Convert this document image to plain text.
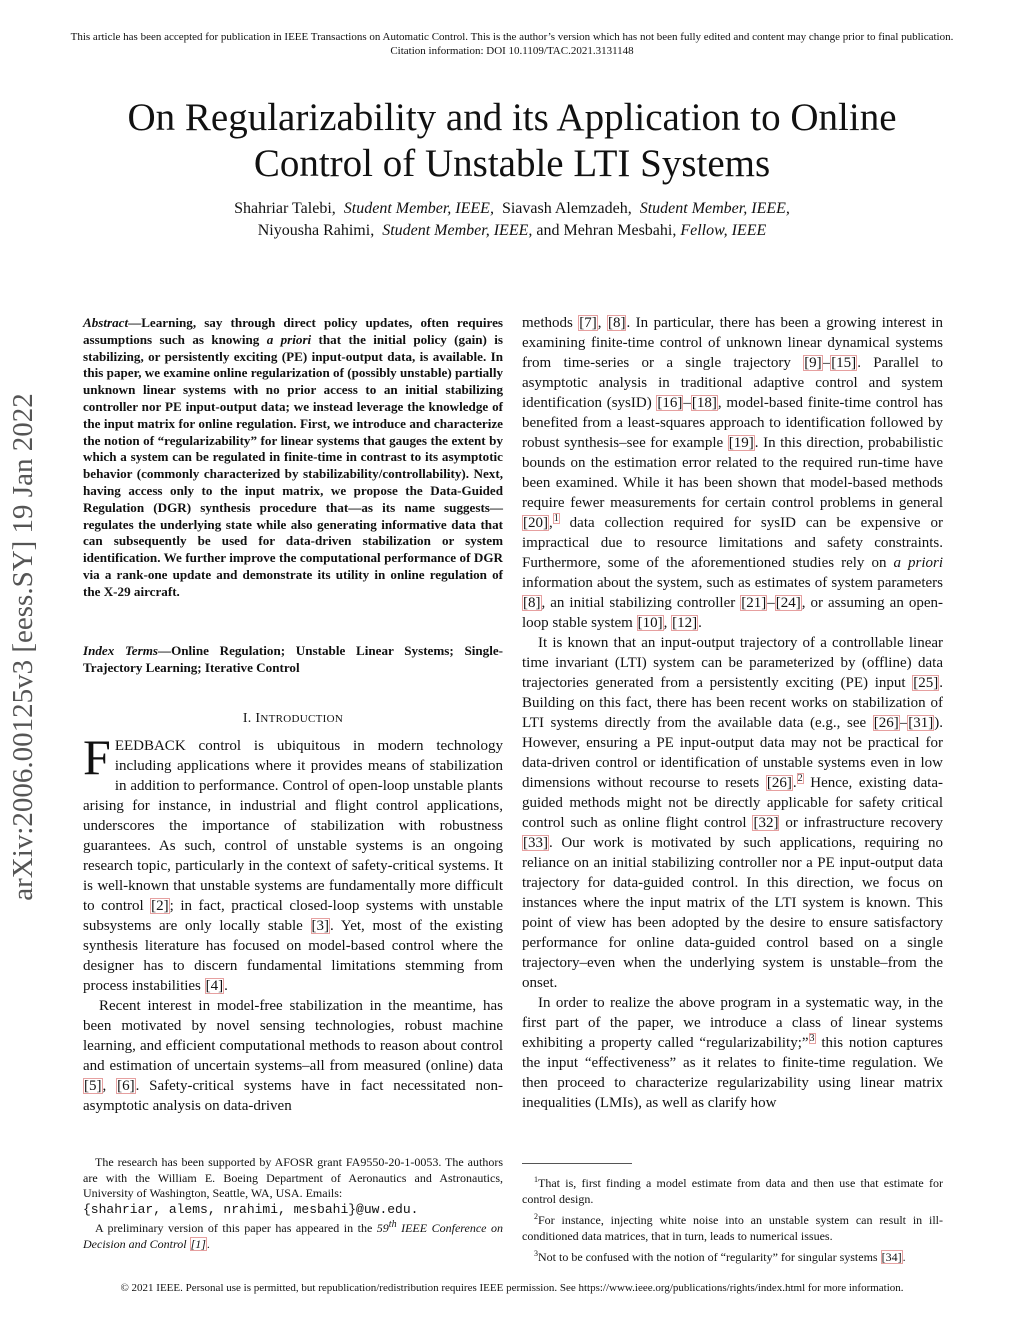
This article has been accepted for publication in IEEE Transactions on Automatic Control. This is the author’s version which has not been fully edited and content may change prior to final publication. Citation information: DOI 10.1109/TAC.2021.3131148
On Regularizability and its Application to Online
Control of Unstable LTI Systems
Shahriar Talebi, Student Member, IEEE, Siavash Alemzadeh, Student Member, IEEE,
Niyousha Rahimi, Student Member, IEEE, and Mehran Mesbahi, Fellow, IEEE
arXiv:2006.00125v3 [eess.SY] 19 Jan 2022
Abstract—Learning, say through direct policy updates, often requires assumptions such as knowing a priori that the initial policy (gain) is stabilizing, or persistently exciting (PE) input-output data, is available. In this paper, we examine online regularization of (possibly unstable) partially unknown linear systems with no prior access to an initial stabilizing controller nor PE input-output data; we instead leverage the knowledge of the input matrix for online regulation. First, we introduce and characterize the notion of “regularizability” for linear systems that gauges the extent by which a system can be regulated in finite-time in contrast to its asymptotic behavior (commonly characterized by stabilizability/controllability). Next, having access only to the input matrix, we propose the Data-Guided Regulation (DGR) synthesis procedure that—as its name suggests—regulates the underlying state while also generating informative data that can subsequently be used for data-driven stabilization or system identification. We further improve the computational performance of DGR via a rank-one update and demonstrate its utility in online regulation of the X-29 aircraft.
Index Terms—Online Regulation; Unstable Linear Systems; Single-Trajectory Learning; Iterative Control
I. INTRODUCTION

FEEDBACK control is ubiquitous in modern technology including applications where it provides means of stabilization in addition to performance. Control of open-loop unstable plants arising for instance, in industrial and flight control applications, underscores the importance of stabilization with robustness guarantees. As such, control of unstable systems is an ongoing research topic, particularly in the context of safety-critical systems. It is well-known that unstable systems are fundamentally more difficult to control [2]; in fact, practical closed-loop systems with unstable subsystems are only locally stable [3]. Yet, most of the existing synthesis literature has focused on model-based control where the designer has to discern fundamental limitations stemming from process instabilities [4].

Recent interest in model-free stabilization in the meantime, has been motivated by novel sensing technologies, robust machine learning, and efficient computational methods to reason about control and estimation of uncertain systems–all from measured (online) data [5], [6]. Safety-critical systems have in fact necessitated non-asymptotic analysis on data-driven

The research has been supported by AFOSR grant FA9550-20-1-0053. The authors are with the William E. Boeing Department of Aeronautics and Astronautics, University of Washington, Seattle, WA, USA. Emails:
{shahriar, alems, nrahimi, mesbahi}@uw.edu.

A preliminary version of this paper has appeared in the 59th IEEE Conference on Decision and Control [1].

methods [7], [8]. In particular, there has been a growing interest in examining finite-time control of unknown linear dynamical systems from time-series or a single trajectory [9]–[15]. Parallel to asymptotic analysis in traditional adaptive control and system identification (sysID) [16]–[18], model-based finite-time control has benefited from a least-squares approach to identification followed by robust synthesis–see for example [19]. In this direction, probabilistic bounds on the estimation error related to the required run-time have been examined. While it has been shown that model-based methods require fewer measurements for certain control problems in general [20],$^1$ data collection required for sysID can be expensive or impractical due to resource limitations and safety constraints. Furthermore, some of the aforementioned studies rely on a priori information about the system, such as estimates of system parameters [8], an initial stabilizing controller [21]–[24], or assuming an open-loop stable system [10], [12].

It is known that an input-output trajectory of a controllable linear time invariant (LTI) system can be parameterized by (offline) data trajectories generated from a persistently exciting (PE) input [25]. Building on this fact, there has been recent works on stabilization of LTI systems directly from the available data (e.g., see [26]–[31]). However, ensuring a PE input-output data may not be practical for data-driven control or identification of unstable systems even in low dimensions without recourse to resets [26].$^2$ Hence, existing data-guided methods might not be directly applicable for safety critical control such as online flight control [32] or infrastructure recovery [33]. Our work is motivated by such applications, requiring no reliance on an initial stabilizing controller nor a PE input-output data trajectory for data-guided control. In this direction, we focus on instances where the input matrix of the LTI system is known. This point of view has been adopted by the desire to ensure satisfactory performance for online data-guided control based on a single trajectory–even when the underlying system is unstable–from the onset.

In order to realize the above program in a systematic way, in the first part of the paper, we introduce a class of linear systems exhibiting a property called “regularizability;”$^3$ this notion captures the input “effectiveness” as it relates to finite-time regulation. We then proceed to characterize regularizability using linear matrix inequalities (LMIs), as well as clarify how

$^1$That is, first finding a model estimate from data and then use that estimate for control design.

$^2$For instance, injecting white noise into an unstable system can result in ill-conditioned data matrices, that in turn, leads to numerical issues.

$^3$Not to be confused with the notion of “regularity” for singular systems [34].

© 2021 IEEE. Personal use is permitted, but republication/redistribution requires IEEE permission. See https://www.ieee.org/publications/rights/index.html for more information.
